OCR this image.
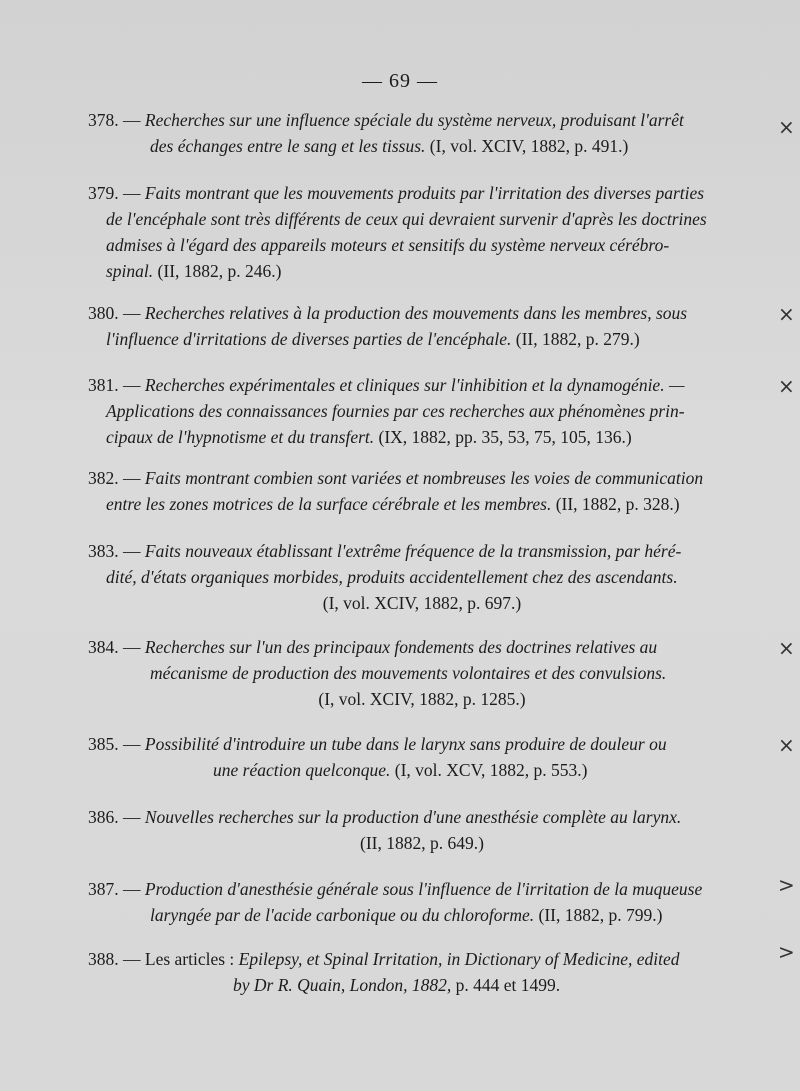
— 69 —
378. — Recherches sur une influence spéciale du système nerveux, produisant l'arrêt
des échanges entre le sang et les tissus. (I, vol. XCIV, 1882, p. 491.)
×
379. — Faits montrant que les mouvements produits par l'irritation des diverses parties
de l'encéphale sont très différents de ceux qui devraient survenir d'après les doctrines
admises à l'égard des appareils moteurs et sensitifs du système nerveux cérébro-
spinal. (II, 1882, p. 246.)
380. — Recherches relatives à la production des mouvements dans les membres, sous
l'influence d'irritations de diverses parties de l'encéphale. (II, 1882, p. 279.)
×
381. — Recherches expérimentales et cliniques sur l'inhibition et la dynamogénie. —
Applications des connaissances fournies par ces recherches aux phénomènes prin-
cipaux de l'hypnotisme et du transfert. (IX, 1882, pp. 35, 53, 75, 105, 136.)
×
382. — Faits montrant combien sont variées et nombreuses les voies de communication
entre les zones motrices de la surface cérébrale et les membres. (II, 1882, p. 328.)
383. — Faits nouveaux établissant l'extrême fréquence de la transmission, par héré-
dité, d'états organiques morbides, produits accidentellement chez des ascendants.
(I, vol. XCIV, 1882, p. 697.)
384. — Recherches sur l'un des principaux fondements des doctrines relatives au
mécanisme de production des mouvements volontaires et des convulsions.
(I, vol. XCIV, 1882, p. 1285.)
×
385. — Possibilité d'introduire un tube dans le larynx sans produire de douleur ou
une réaction quelconque. (I, vol. XCV, 1882, p. 553.)
×
386. — Nouvelles recherches sur la production d'une anesthésie complète au larynx.
(II, 1882, p. 649.)
387. — Production d'anesthésie générale sous l'influence de l'irritation de la muqueuse
laryngée par de l'acide carbonique ou du chloroforme. (II, 1882, p. 799.)
>
388. — Les articles : Epilepsy, et Spinal Irritation, in Dictionary of Medicine, edited
by Dr R. Quain, London, 1882, p. 444 et 1499.
>
